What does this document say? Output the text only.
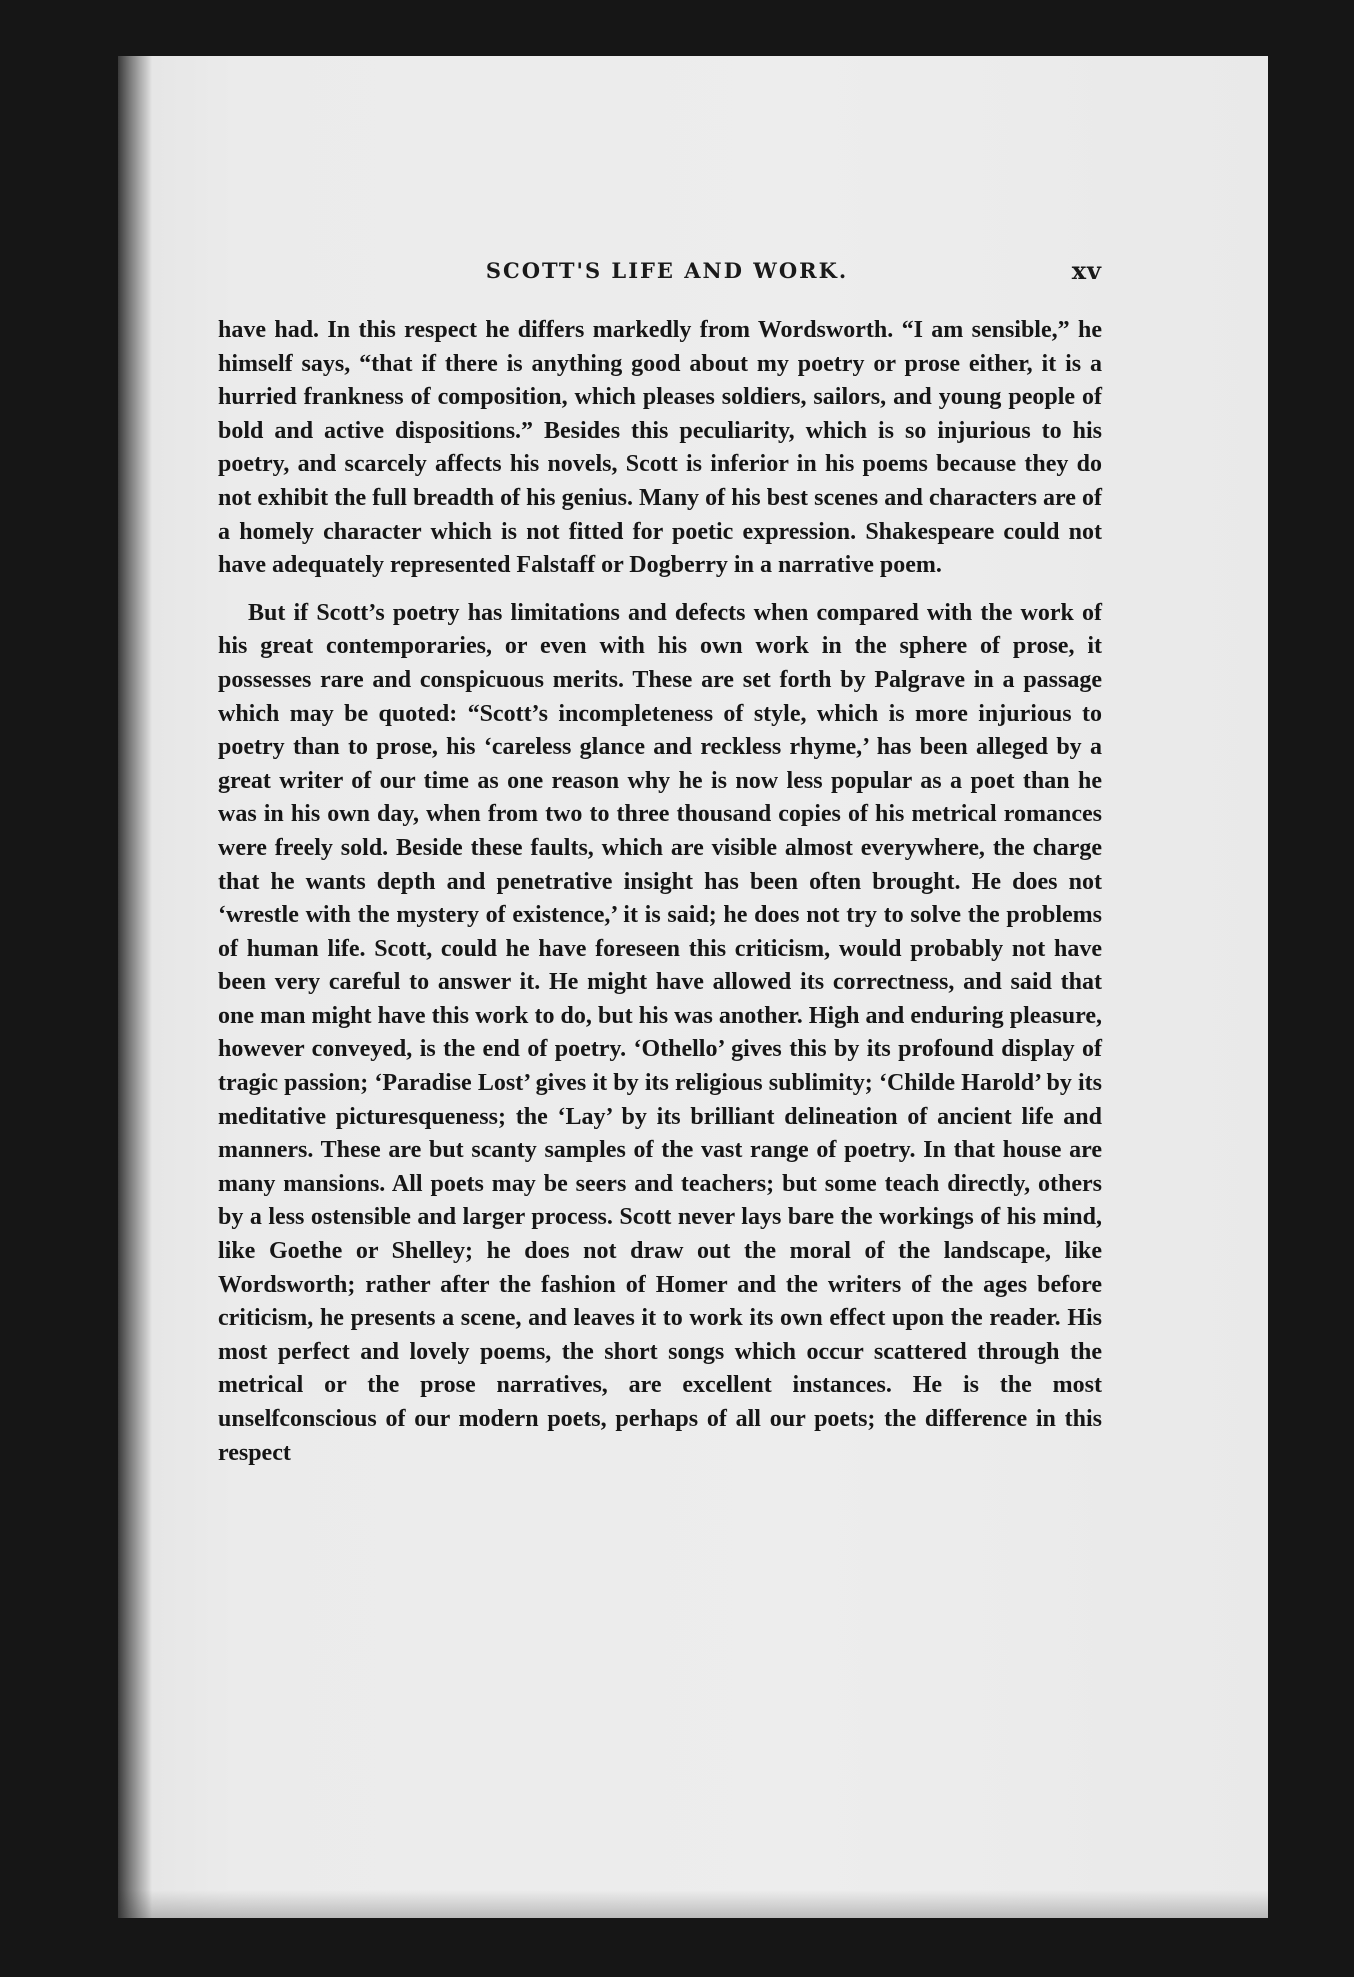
SCOTT'S LIFE AND WORK.	xv

have had. In this respect he differs markedly from Wordsworth. “I am sensible,” he himself says, “that if there is anything good about my poetry or prose either, it is a hurried frankness of composition, which pleases soldiers, sailors, and young people of bold and active dispositions.” Besides this peculiarity, which is so injurious to his poetry, and scarcely affects his novels, Scott is inferior in his poems because they do not exhibit the full breadth of his genius. Many of his best scenes and characters are of a homely character which is not fitted for poetic expression. Shakespeare could not have adequately represented Falstaff or Dogberry in a narrative poem.

But if Scott’s poetry has limitations and defects when compared with the work of his great contemporaries, or even with his own work in the sphere of prose, it possesses rare and conspicuous merits. These are set forth by Palgrave in a passage which may be quoted: “Scott’s incompleteness of style, which is more injurious to poetry than to prose, his ‘careless glance and reckless rhyme,’ has been alleged by a great writer of our time as one reason why he is now less popular as a poet than he was in his own day, when from two to three thousand copies of his metrical romances were freely sold. Beside these faults, which are visible almost everywhere, the charge that he wants depth and penetrative insight has been often brought. He does not ‘wrestle with the mystery of existence,’ it is said; he does not try to solve the problems of human life. Scott, could he have foreseen this criticism, would probably not have been very careful to answer it. He might have allowed its correctness, and said that one man might have this work to do, but his was another. High and enduring pleasure, however conveyed, is the end of poetry. ‘Othello’ gives this by its profound display of tragic passion; ‘Paradise Lost’ gives it by its religious sublimity; ‘Childe Harold’ by its meditative picturesqueness; the ‘Lay’ by its brilliant delineation of ancient life and manners. These are but scanty samples of the vast range of poetry. In that house are many mansions. All poets may be seers and teachers; but some teach directly, others by a less ostensible and larger process. Scott never lays bare the workings of his mind, like Goethe or Shelley; he does not draw out the moral of the landscape, like Wordsworth; rather after the fashion of Homer and the writers of the ages before criticism, he presents a scene, and leaves it to work its own effect upon the reader. His most perfect and lovely poems, the short songs which occur scattered through the metrical or the prose narratives, are excellent instances. He is the most unselfconscious of our modern poets, perhaps of all our poets; the difference in this respect
